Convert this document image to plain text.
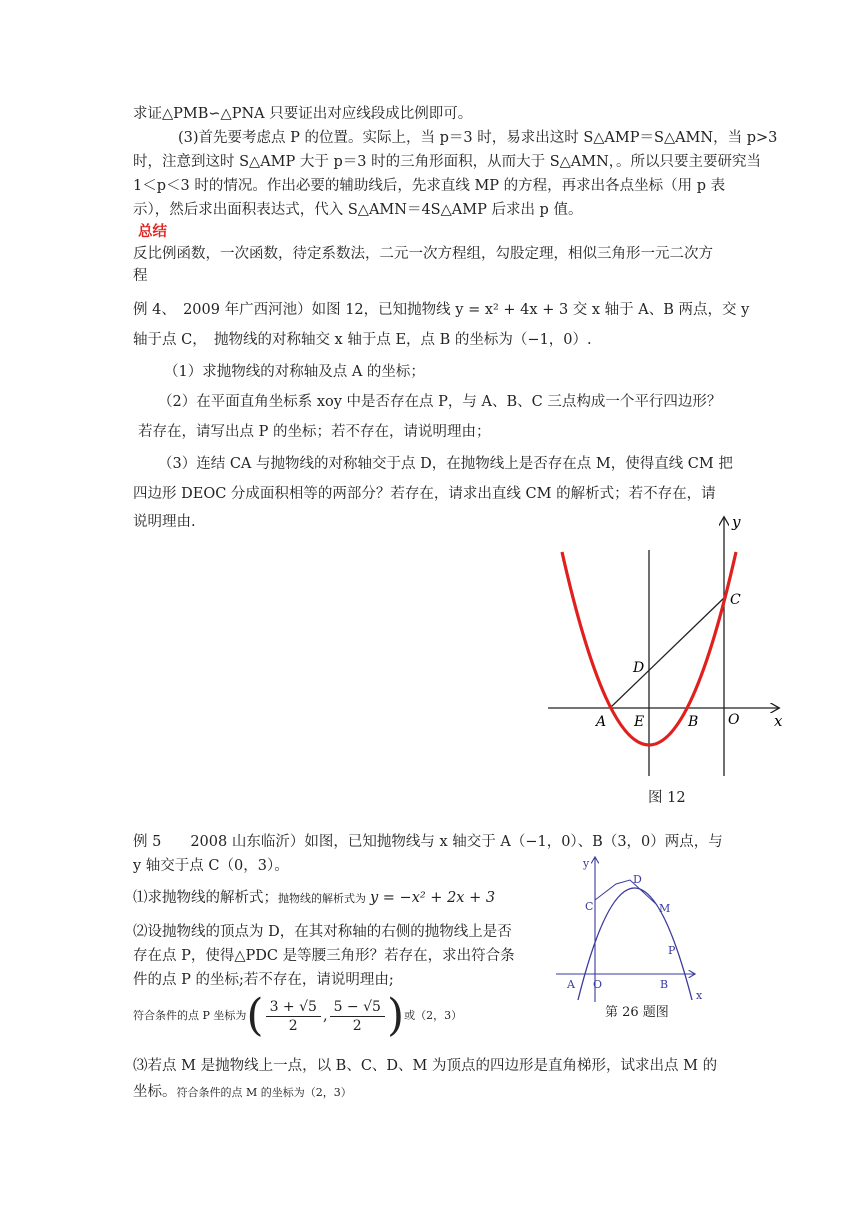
求证△PMB∽△PNA 只要证出对应线段成比例即可。
(3)首先要考虑点 P 的位置。实际上，当 p＝3 时，易求出这时 S△AMP＝S△AMN，当 p>3
时，注意到这时 S△AMP 大于 p＝3 时的三角形面积，从而大于 S△AMN，。所以只要主要研究当
1＜p＜3 时的情况。作出必要的辅助线后，先求直线 MP 的方程，再求出各点坐标（用 p 表
示），然后求出面积表达式，代入 S△AMN＝4S△AMP 后求出 p 值。
总结
反比例函数，一次函数，待定系数法，二元一次方程组，勾股定理，相似三角形一元二次方
程
例 4、　2009 年广西河池）如图 12，已知抛物线 y = x² + 4x + 3 交 x 轴于 A、B 两点，交 y
轴于点 C，　抛物线的对称轴交 x 轴于点 E，点 B 的坐标为（−1，0）.
（1）求抛物线的对称轴及点 A 的坐标；
（2）在平面直角坐标系 xoy 中是否存在点 P，与 A、B、C 三点构成一个平行四边形？
若存在，请写出点 P 的坐标；若不存在，请说明理由；
（3）连结 CA 与抛物线的对称轴交于点 D，在抛物线上是否存在点 M，使得直线 CM 把
四边形 DEOC 分成面积相等的两部分？若存在，请求出直线 CM 的解析式；若不存在，请
说明理由.	y
x
C
D
A E	B O
图 12
例 5　　2008 山东临沂）如图，已知抛物线与 x 轴交于 A（−1，0）、B（3，0）两点，与
y 轴交于点 C（0，3）。
⑴求抛物线的解析式；抛物线的解析式为 y = −x² + 2x + 3
⑵设抛物线的顶点为 D，在其对称轴的右侧的抛物线上是否
存在点 P，使得△PDC 是等腰三角形？若存在，求出符合条
件的点 P 的坐标;若不存在，请说明理由;
符合条件的点 P 坐标为( $\frac{3 + √5}{2}$ , $\frac{5 - √5}{2}$ )或（2，3）
⑶若点 M 是抛物线上一点，以 B、C、D、M 为顶点的四边形是直角梯形，试求出点 M 的
坐标。符合条件的点 M 的坐标为（2，3）
y
x
D
C	M
P
A O	B
第 26 题图
